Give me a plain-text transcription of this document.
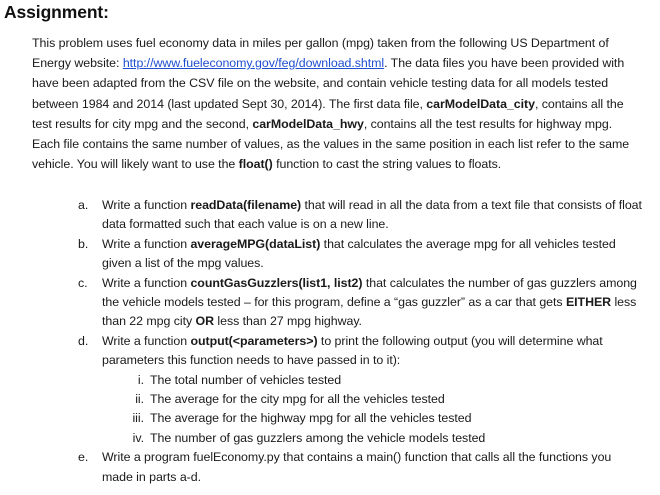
Assignment:
This problem uses fuel economy data in miles per gallon (mpg) taken from the following US Department of Energy website: http://www.fueleconomy.gov/feg/download.shtml. The data files you have been provided with have been adapted from the CSV file on the website, and contain vehicle testing data for all models tested between 1984 and 2014 (last updated Sept 30, 2014). The first data file, carModelData_city, contains all the test results for city mpg and the second, carModelData_hwy, contains all the test results for highway mpg. Each file contains the same number of values, as the values in the same position in each list refer to the same vehicle. You will likely want to use the float() function to cast the string values to floats.
a. Write a function readData(filename) that will read in all the data from a text file that consists of float data formatted such that each value is on a new line.
b. Write a function averageMPG(dataList) that calculates the average mpg for all vehicles tested given a list of the mpg values.
c. Write a function countGasGuzzlers(list1, list2) that calculates the number of gas guzzlers among the vehicle models tested – for this program, define a “gas guzzler” as a car that gets EITHER less than 22 mpg city OR less than 27 mpg highway.
d. Write a function output(<parameters>) to print the following output (you will determine what parameters this function needs to have passed in to it):
i. The total number of vehicles tested
ii. The average for the city mpg for all the vehicles tested
iii. The average for the highway mpg for all the vehicles tested
iv. The number of gas guzzlers among the vehicle models tested
e. Write a program fuelEconomy.py that contains a main() function that calls all the functions you made in parts a-d.
